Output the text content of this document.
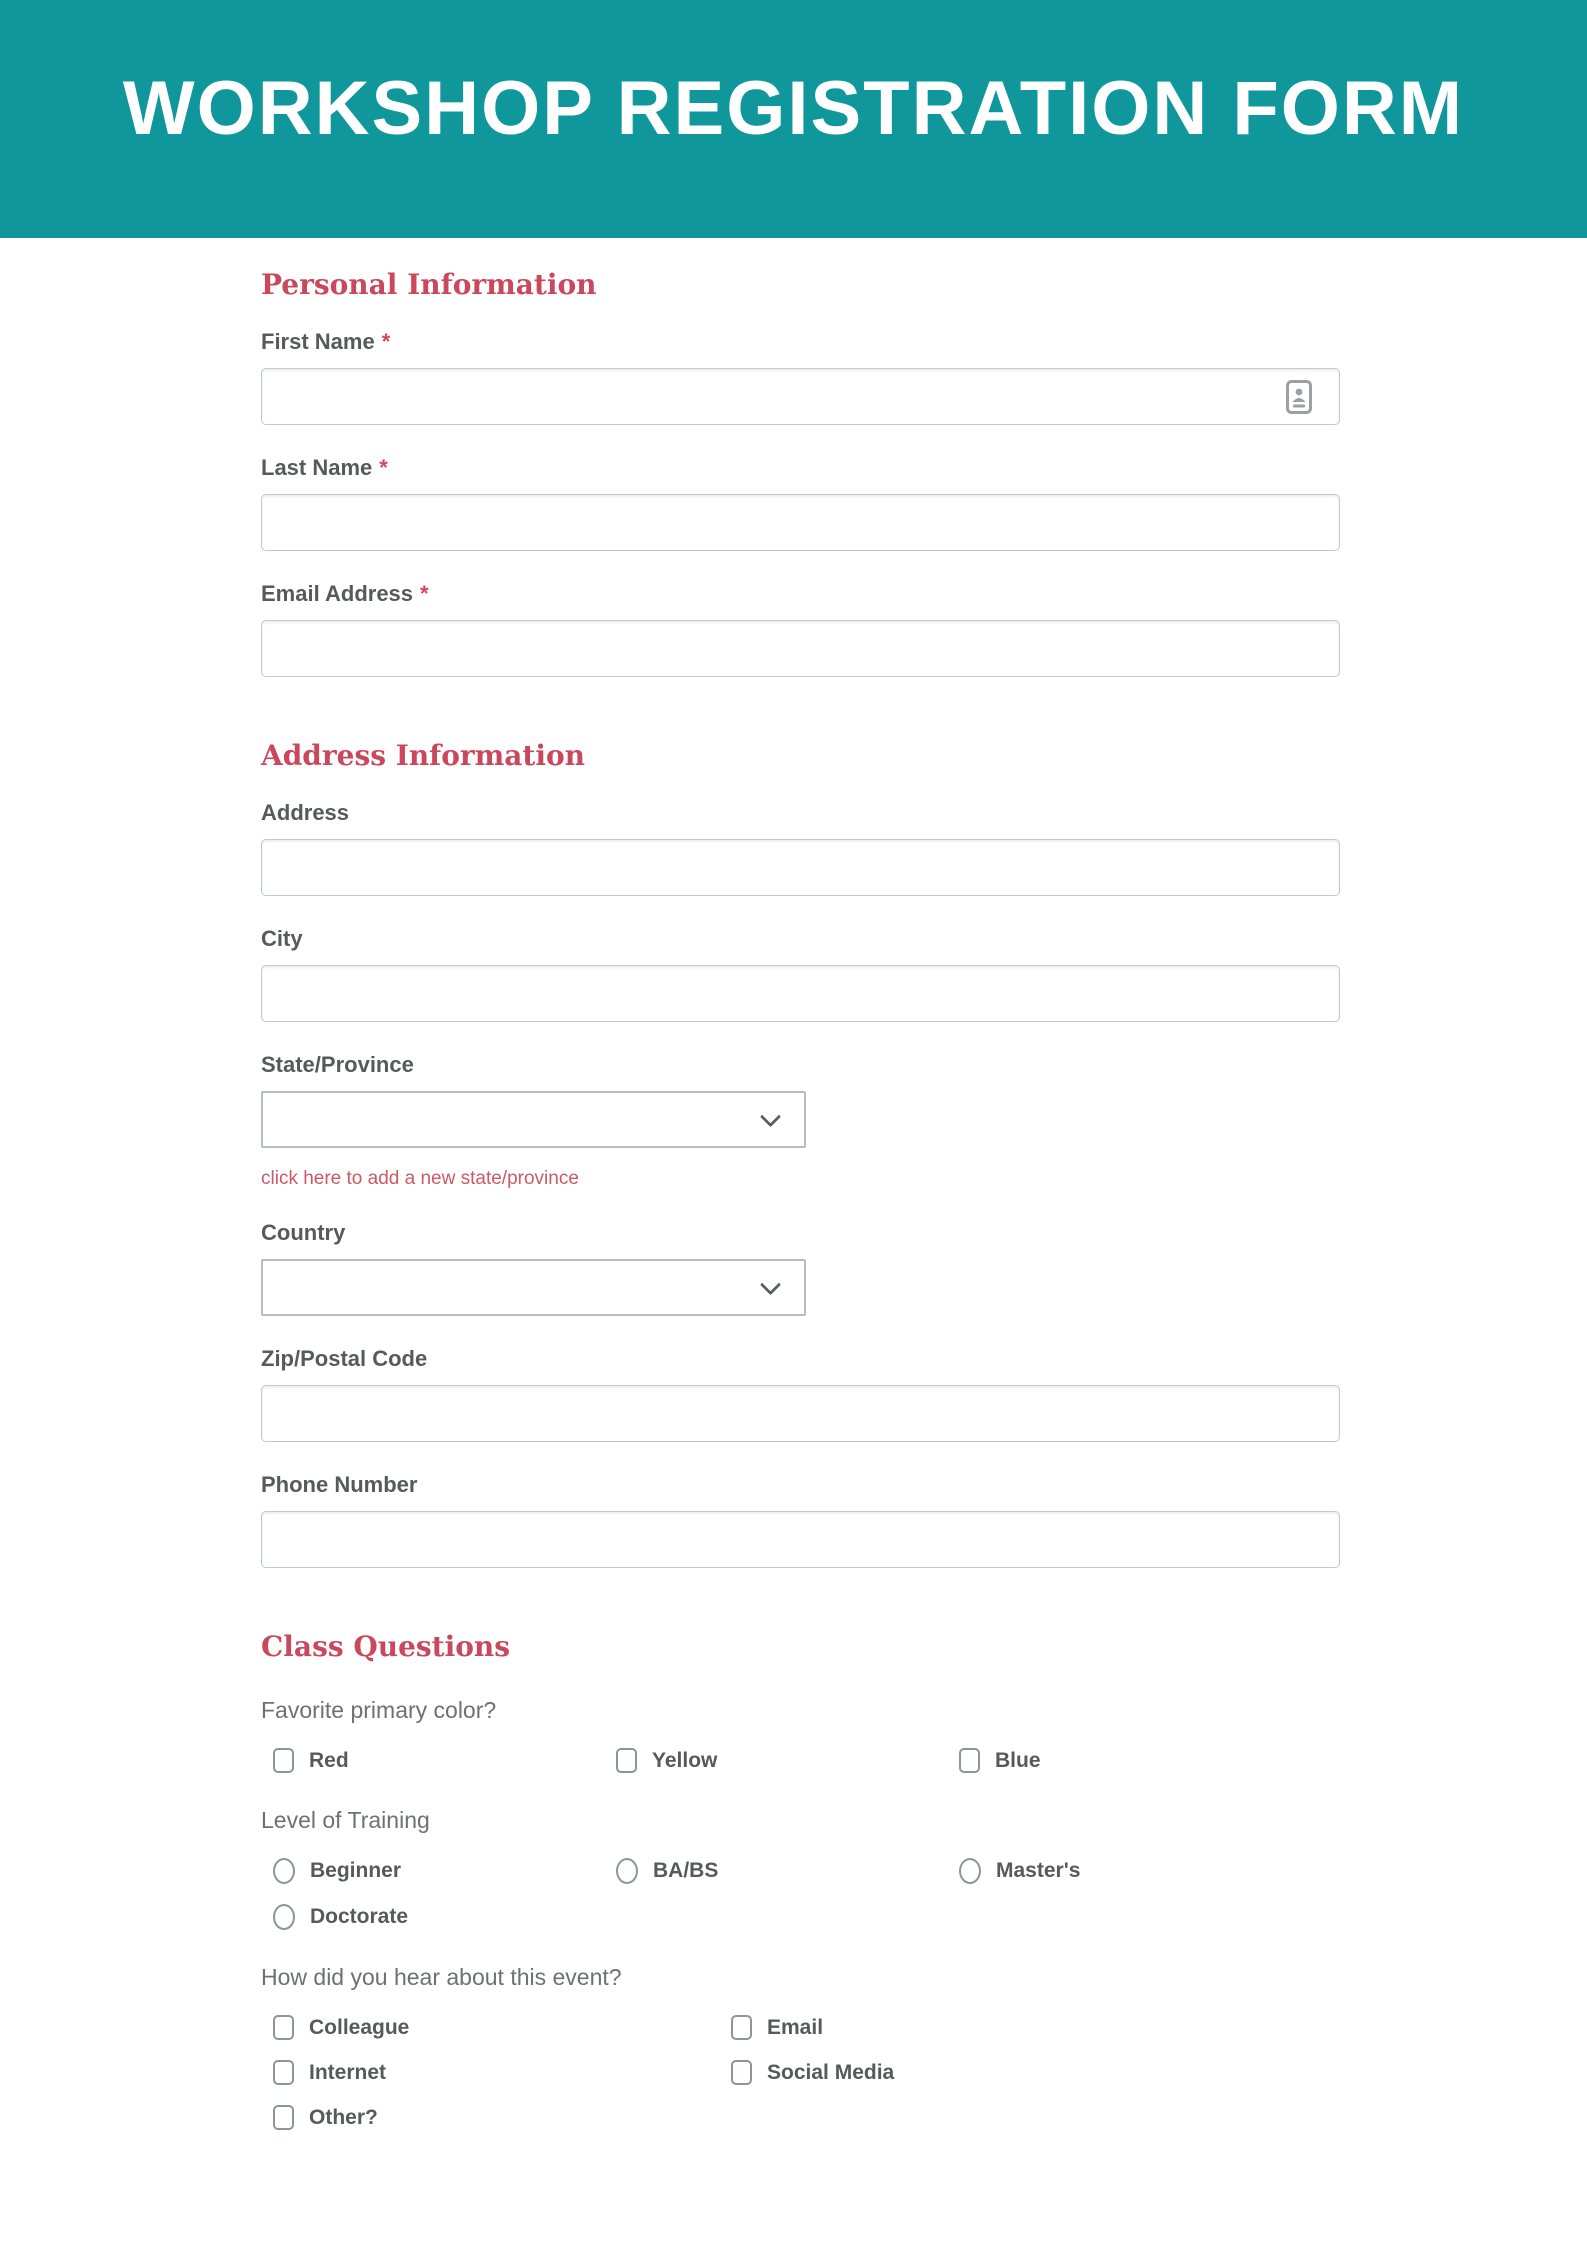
WORKSHOP REGISTRATION FORM
Personal Information
First Name *
Last Name *
Email Address *
Address Information
Address
City
State/Province
click here to add a new state/province
Country
Zip/Postal Code
Phone Number
Class Questions

Favorite primary color?

Red	Yellow	Blue

Level of Training

Beginner	BA/BS	Master's
Doctorate

How did you hear about this event?

Colleague	Email
Internet	Social Media
Other?
